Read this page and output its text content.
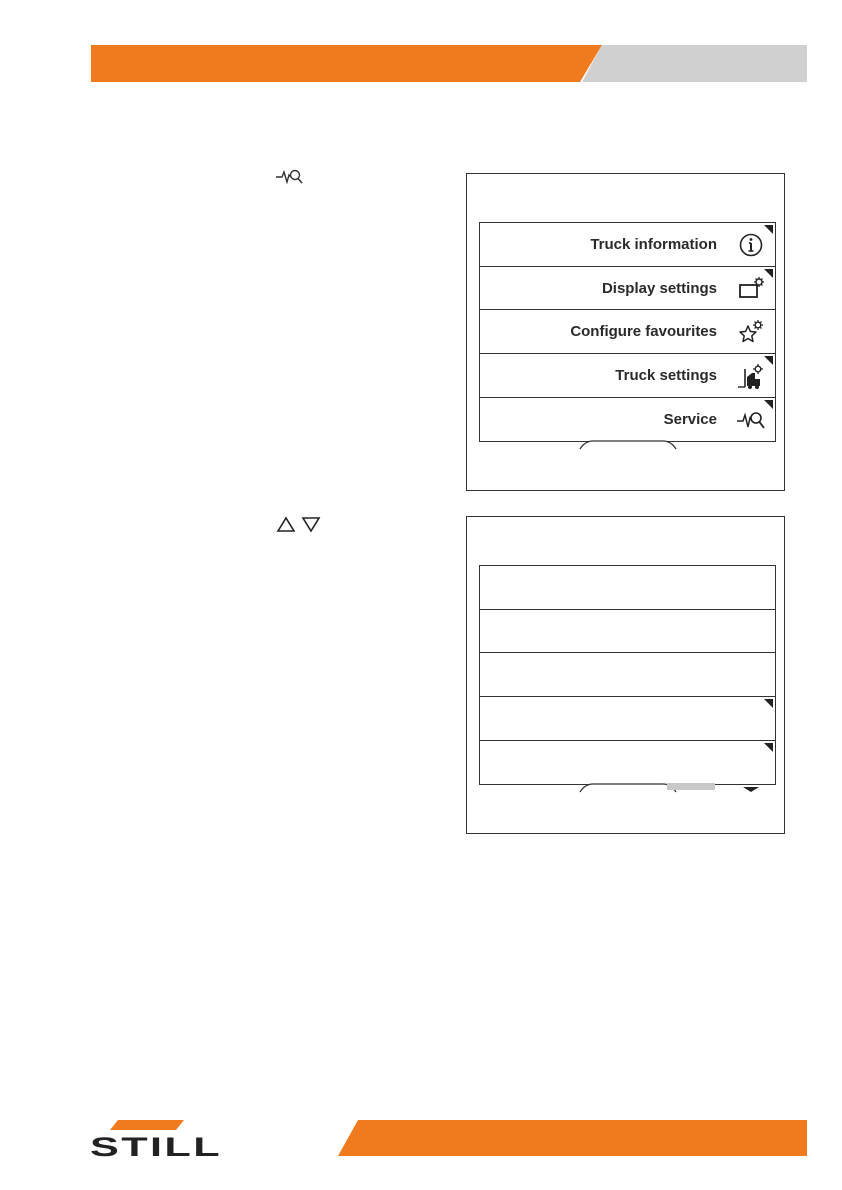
Truck information
Display settings
Configure favourites
Truck settings
Service
STILL
